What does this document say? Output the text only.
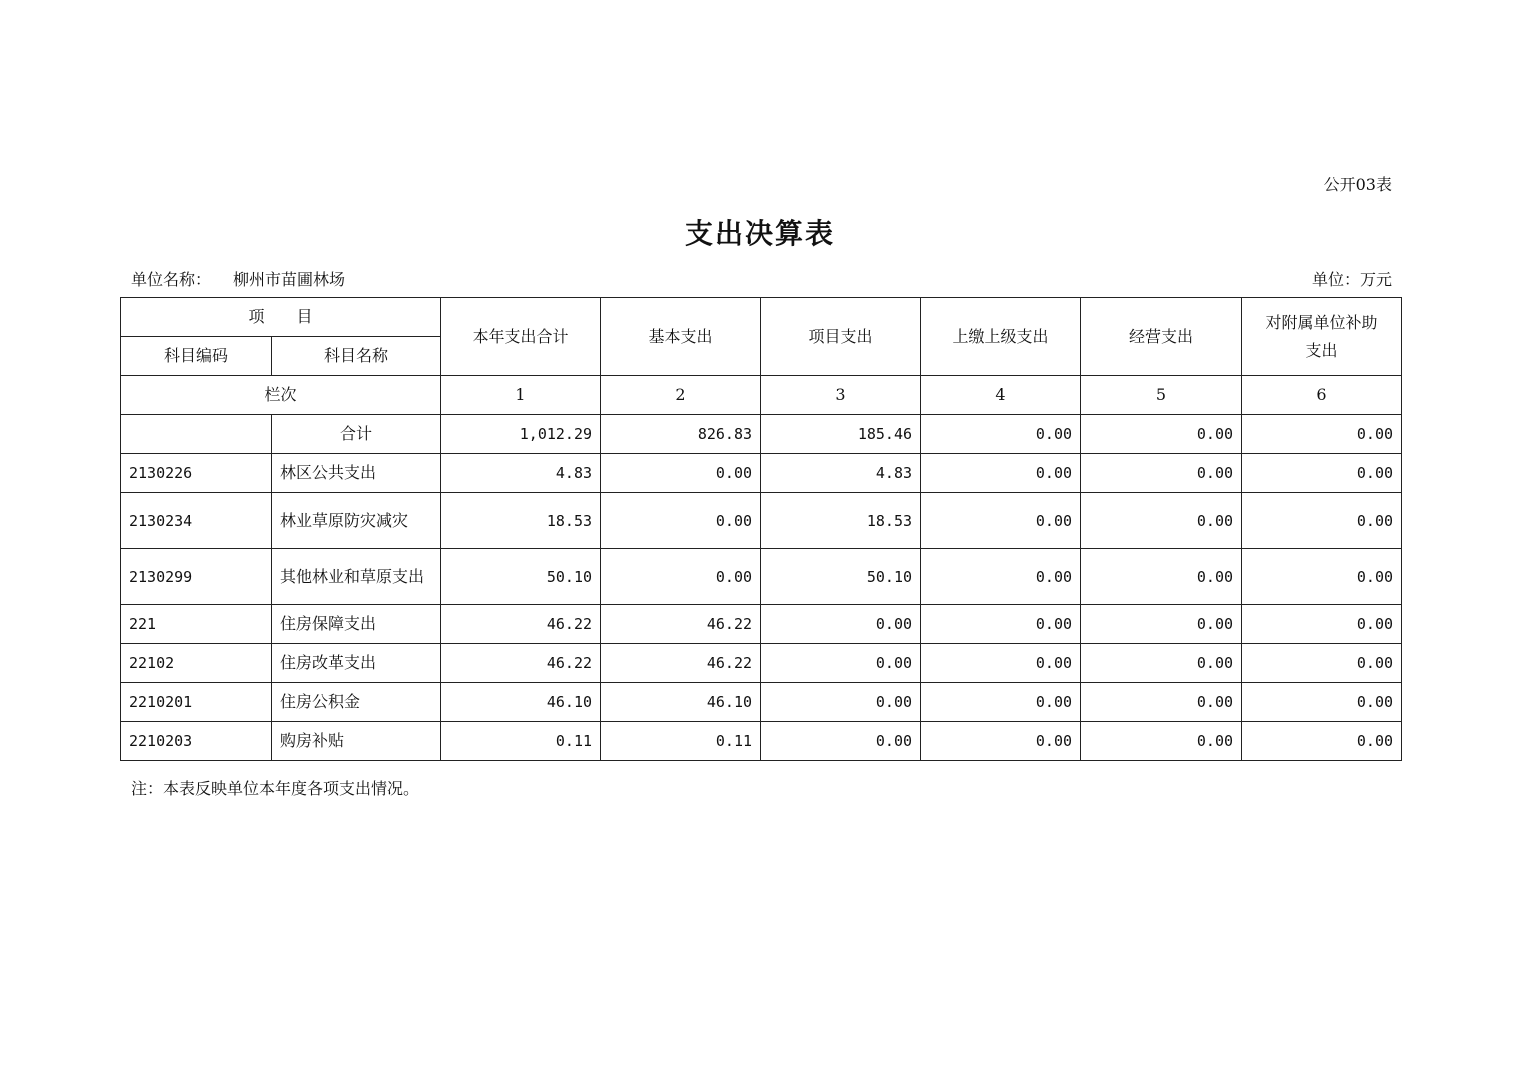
公开03表
支出决算表
单位名称： 柳州市苗圃林场	单位：万元
项　　目		本年支出合计	基本支出	项目支出	上缴上级支出	经营支出	对附属单位补助
支出

科目编码	科目名称						
栏次		1	2	3	4	5	6
	合计	1,012.29	826.83	185.46	0.00	0.00	0.00
2130226	林区公共支出	4.83	0.00	4.83	0.00	0.00	0.00
2130234	林业草原防灾减灾	18.53	0.00	18.53	0.00	0.00	0.00
2130299	其他林业和草原支出	50.10	0.00	50.10	0.00	0.00	0.00
221	住房保障支出	46.22	46.22	0.00	0.00	0.00	0.00
22102	住房改革支出	46.22	46.22	0.00	0.00	0.00	0.00
2210201	住房公积金	46.10	46.10	0.00	0.00	0.00	0.00
2210203	购房补贴	0.11	0.11	0.00	0.00	0.00	0.00
注：本表反映单位本年度各项支出情况。
